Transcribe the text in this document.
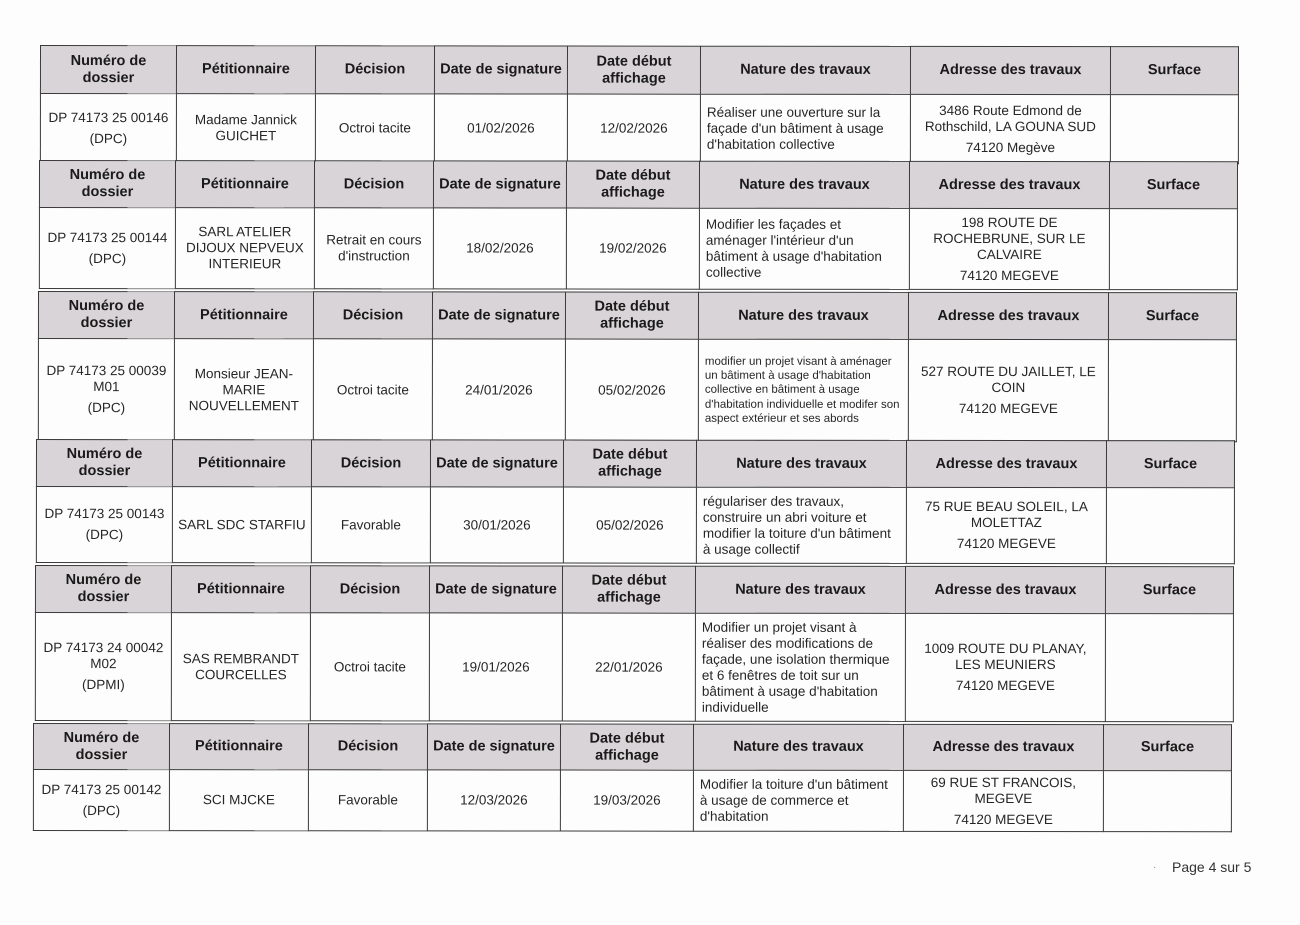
Numéro de dossier	Pétitionnaire	Décision	Date de signature	Date début affichage	Nature des travaux	Adresse des travaux	Surface

DP 74173 25 00146
(DPC)	Madame Jannick GUICHET	Octroi tacite	01/02/2026	12/02/2026	Réaliser une ouverture sur la façade d'un bâtiment à usage d'habitation collective	3486 Route Edmond de Rothschild, LA GOUNA SUD
74120 Megève	

Numéro de dossier	Pétitionnaire	Décision	Date de signature	Date début affichage	Nature des travaux	Adresse des travaux	Surface

DP 74173 25 00144
(DPC)	SARL ATELIER DIJOUX NEPVEUX INTERIEUR	Retrait en cours d'instruction	18/02/2026	19/02/2026	Modifier les façades et aménager l'intérieur d'un bâtiment à usage d'habitation collective	198 ROUTE DE ROCHEBRUNE, SUR LE CALVAIRE
74120 MEGEVE	

Numéro de dossier	Pétitionnaire	Décision	Date de signature	Date début affichage	Nature des travaux	Adresse des travaux	Surface

DP 74173 25 00039 M01
(DPC)	Monsieur JEAN-MARIE NOUVELLEMENT	Octroi tacite	24/01/2026	05/02/2026	modifier un projet visant à aménager un bâtiment à usage d'habitation collective en bâtiment à usage d'habitation individuelle et modifer son aspect extérieur et ses abords	527 ROUTE DU JAILLET, LE COIN
74120 MEGEVE	

Numéro de dossier	Pétitionnaire	Décision	Date de signature	Date début affichage	Nature des travaux	Adresse des travaux	Surface

DP 74173 25 00143
(DPC)	SARL SDC STARFIU	Favorable	30/01/2026	05/02/2026	régulariser des travaux, construire un abri voiture et modifier la toiture d'un bâtiment à usage collectif	75 RUE BEAU SOLEIL, LA MOLETTAZ
74120 MEGEVE	

Numéro de dossier	Pétitionnaire	Décision	Date de signature	Date début affichage	Nature des travaux	Adresse des travaux	Surface

DP 74173 24 00042 M02
(DPMI)	SAS REMBRANDT COURCELLES	Octroi tacite	19/01/2026	22/01/2026	Modifier un projet visant à réaliser des modifications de façade, une isolation thermique et 6 fenêtres de toit sur un bâtiment à usage d'habitation individuelle	1009 ROUTE DU PLANAY, LES MEUNIERS
74120 MEGEVE	

Numéro de dossier	Pétitionnaire	Décision	Date de signature	Date début affichage	Nature des travaux	Adresse des travaux	Surface

DP 74173 25 00142
(DPC)	SCI MJCKE	Favorable	12/03/2026	19/03/2026	Modifier la toiture d'un bâtiment à usage de commerce et d'habitation	69 RUE ST FRANCOIS, MEGEVE
74120 MEGEVE	

· Page 4 sur 5
